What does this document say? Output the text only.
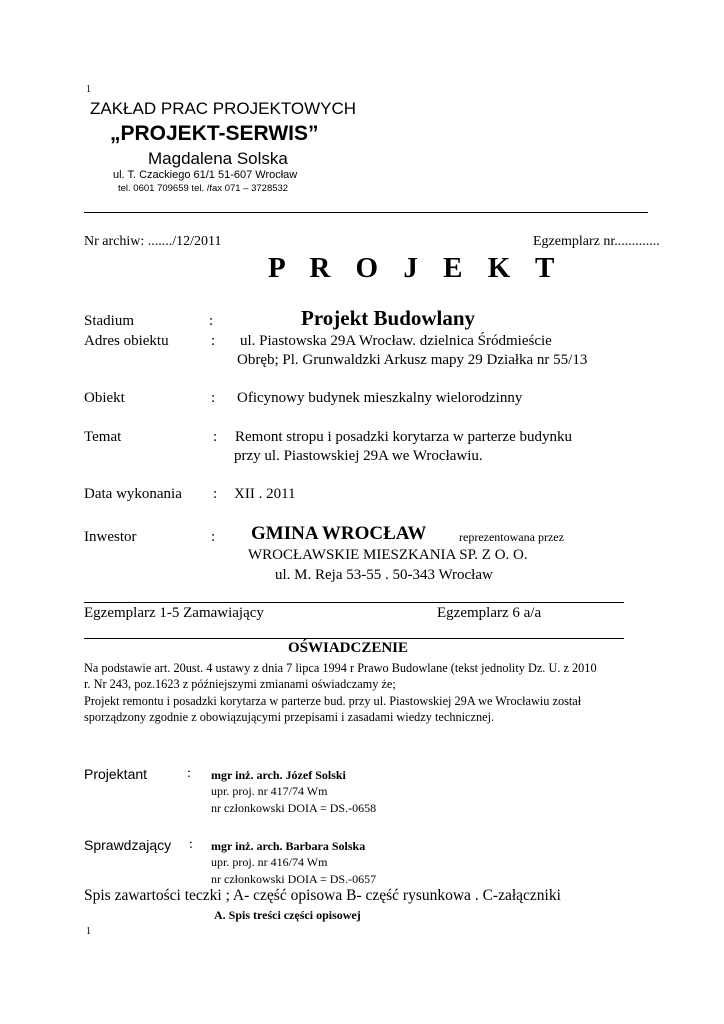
1
ZAKŁAD PRAC PROJEKTOWYCH
„PROJEKT-SERWIS”
Magdalena Solska
ul. T. Czackiego 61/1 51-607 Wrocław
tel. 0601 709659 tel. /fax 071 – 3728532
Nr archiw: ......./12/2011	Egzemplarz nr.............
P R O J E K T
Stadium	:	Projekt Budowlany
Adres obiektu	: ul. Piastowska 29A Wrocław. dzielnica Śródmieście
Obręb; Pl. Grunwaldzki Arkusz mapy 29 Działka nr 55/13
Obiekt	: Oficynowy budynek mieszkalny wielorodzinny
Temat	: Remont stropu i posadzki korytarza w parterze budynku
przy ul. Piastowskiej 29A we Wrocławiu.
Data wykonania : XII . 2011
Inwestor	: GMINA WROCŁAW	reprezentowana przez
WROCŁAWSKIE MIESZKANIA SP. Z O. O.
ul. M. Reja 53-55 . 50-343 Wrocław
Egzemplarz 1-5 Zamawiający	Egzemplarz 6 a/a
OŚWIADCZENIE
Na podstawie art. 20ust. 4 ustawy z dnia 7 lipca 1994 r Prawo Budowlane (tekst jednolity Dz. U. z 2010
r. Nr 243, poz.1623 z późniejszymi zmianami oświadczamy że;
Projekt remontu i posadzki korytarza w parterze bud. przy ul. Piastowskiej 29A we Wrocławiu został
sporządzony zgodnie z obowiązującymi przepisami i zasadami wiedzy technicznej.
Projektant	: mgr inż. arch. Józef Solski
upr. proj. nr 417/74 Wm
nr członkowski DOIA = DS.-0658
Sprawdzający : mgr inż. arch. Barbara Solska
upr. proj. nr 416/74 Wm
nr członkowski DOIA = DS.-0657
Spis zawartości teczki ; A- część opisowa B- część rysunkowa . C-załączniki
A. Spis treści części opisowej
1
